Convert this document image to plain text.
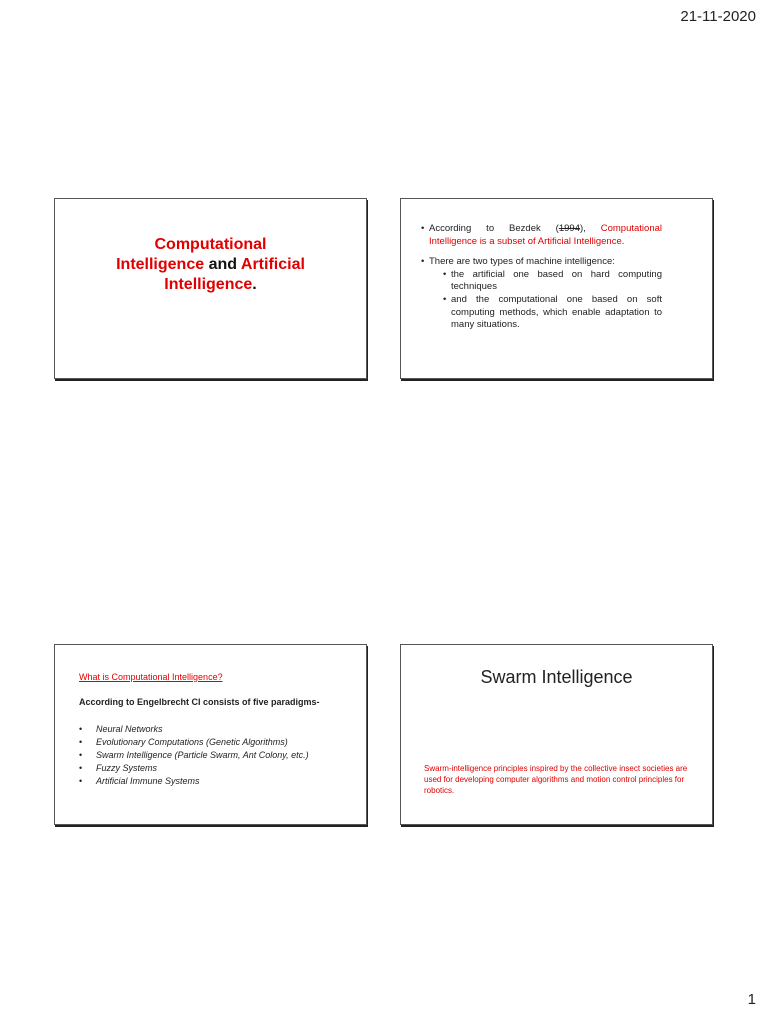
21-11-2020
Computational
Intelligence and Artificial
Intelligence.
• According to Bezdek (1994), Computational Intelligence is a subset of Artificial Intelligence.
• There are two types of machine intelligence:
• the artificial one based on hard computing techniques
• and the computational one based on soft computing methods, which enable adaptation to many situations.
What is Computational Intelligence?
According to Engelbrecht CI consists of five paradigms-
• Neural Networks
• Evolutionary Computations (Genetic Algorithms)
• Swarm Intelligence (Particle Swarm, Ant Colony, etc.)
• Fuzzy Systems
• Artificial Immune Systems
Swarm Intelligence
Swarm-intelligence principles inspired by the collective insect societies are used for developing computer algorithms and motion control principles for robotics.
1
